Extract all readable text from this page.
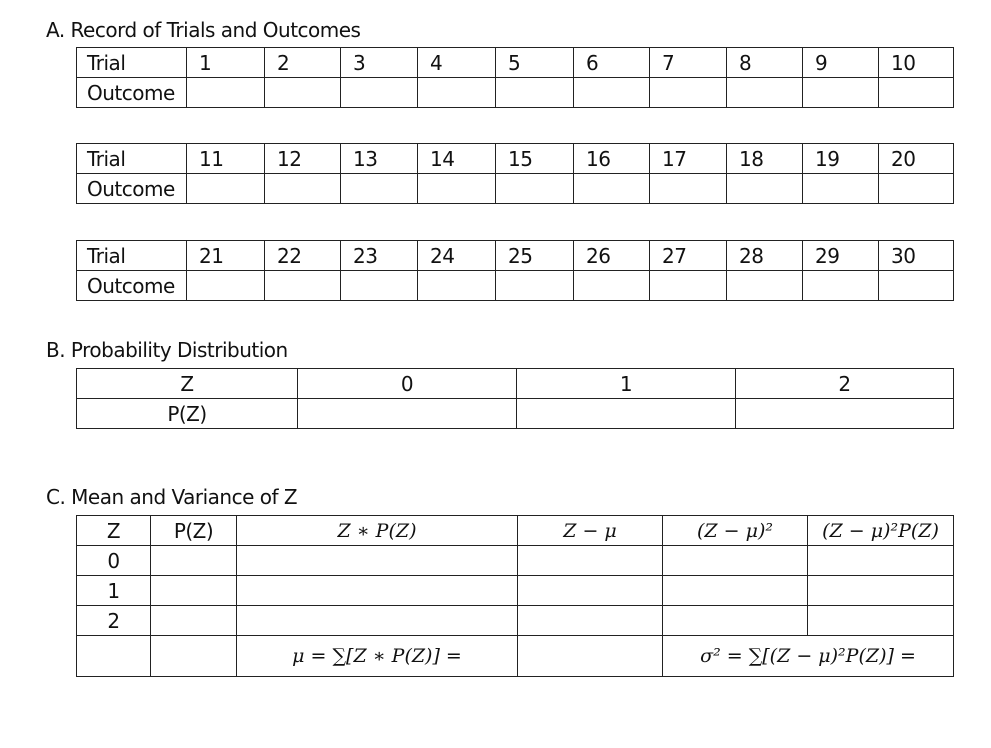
A. Record of Trials and Outcomes
Trial	1	2	3	4	5	6	7	8	9	10
Outcome										
Trial	11	12	13	14	15	16	17	18	19	20
Outcome										
Trial	21	22	23	24	25	26	27	28	29	30
Outcome										
B. Probability Distribution
Z	0	1	2
P(Z)			
C. Mean and Variance of Z
Z	P(Z)	Z ∗ P(Z)	Z − μ	(Z − μ)²	(Z − μ)²P(Z)
0					
1					
2					
		μ = ∑[Z ∗ P(Z)] =		σ² = ∑[(Z − μ)²P(Z)] =	
